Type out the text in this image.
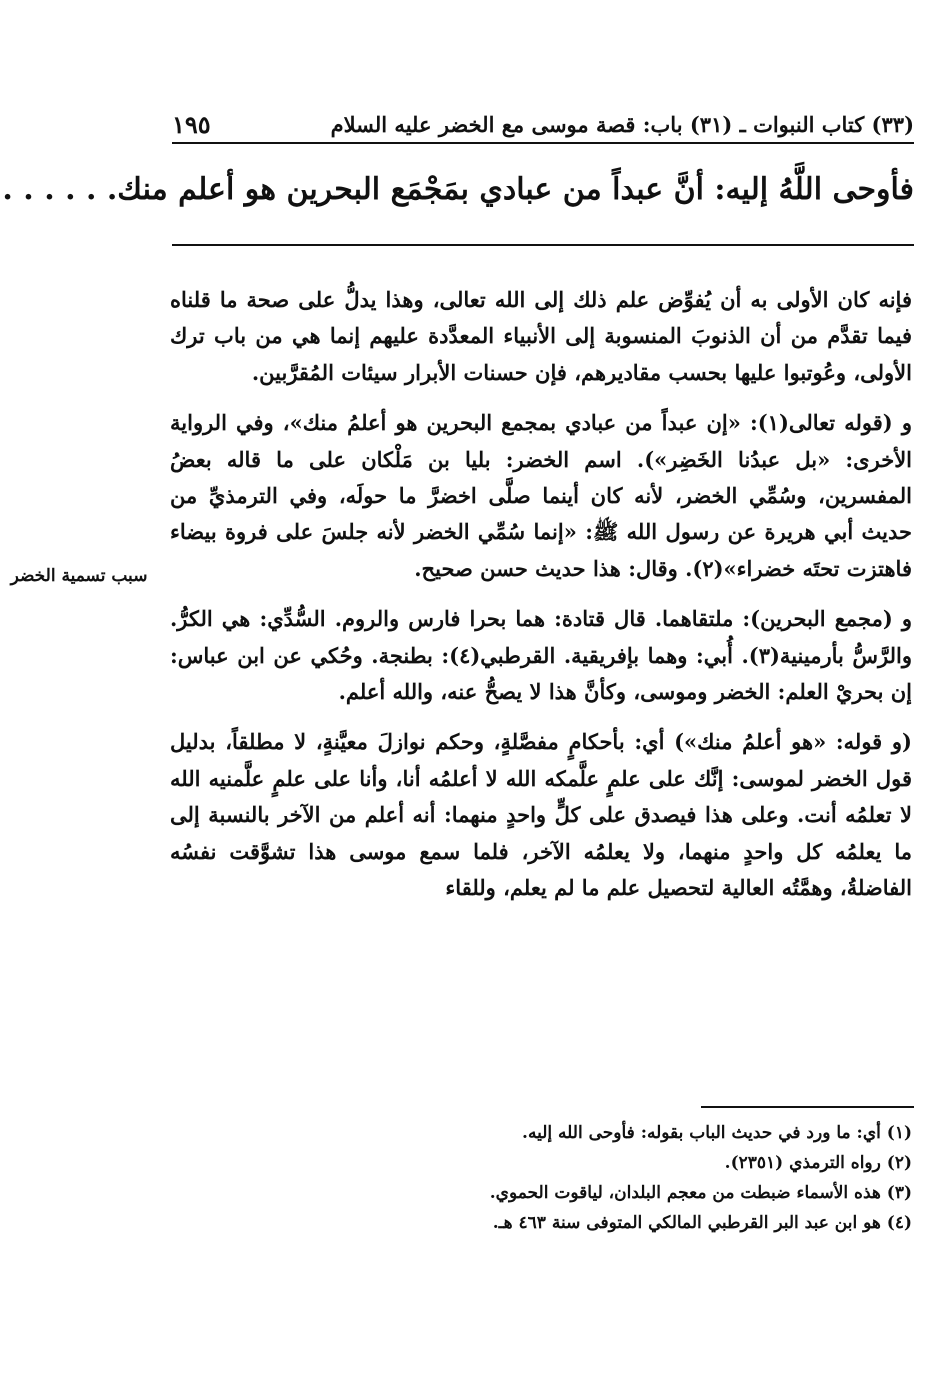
١٩٥	(٣٣) كتاب النبوات ـ (٣١) باب: قصة موسى مع الخضر عليه السلام
فأوحى اللَّهُ إليه: أنَّ عبداً من عبادي بمَجْمَع البحرين هو أعلم منك. . . . . .

فإنه كان الأولى به أن يُفوِّض علم ذلك إلى الله تعالى، وهذا يدلُّ على صحة ما قلناه فيما تقدَّم من أن الذنوبَ المنسوبة إلى الأنبياء المعدَّدة عليهم إنما هي من باب ترك الأولى، وعُوتبوا عليها بحسب مقاديرهم، فإن حسنات الأبرار سيئات المُقرَّبين.

و (قوله تعالى(١): «إن عبداً من عبادي بمجمع البحرين هو أعلمُ منك»، وفي الرواية الأخرى: «بل عبدُنا الخَضِر»). اسم الخضر: بليا بن مَلْكان على ما قاله بعضُ المفسرين، وسُمِّي الخضر، لأنه كان أينما صلَّى اخضرَّ ما حولَه، وفي الترمذيِّ من حديث أبي هريرة عن رسول الله ﷺ: «إنما سُمِّي الخضر لأنه جلسَ على فروة بيضاء فاهتزت تحتَه خضراء»(٢). وقال: هذا حديث حسن صحيح.

و (مجمع البحرين): ملتقاهما. قال قتادة: هما بحرا فارس والروم. السُّدِّي: هي الكرُّ. والرَّسُّ بأرمينية(٣). أُبي: وهما بإفريقية. القرطبي(٤): بطنجة. وحُكي عن ابن عباس: إن بحريْ العلم: الخضر وموسى، وكأنَّ هذا لا يصحُّ عنه، والله أعلم.

(و قوله: «هو أعلمُ منك») أي: بأحكامٍ مفصَّلةٍ، وحكم نوازلَ معيَّنةٍ، لا مطلقاً، بدليل قول الخضر لموسى: إنَّك على علمٍ علَّمكه الله لا أعلمُه أنا، وأنا على علمٍ علَّمنيه الله لا تعلمُه أنت. وعلى هذا فيصدق على كلٍّ واحدٍ منهما: أنه أعلم من الآخر بالنسبة إلى ما يعلمُه كل واحدٍ منهما، ولا يعلمُه الآخر، فلما سمع موسى هذا تشوَّقت نفسُه الفاضلةُ، وهمَّتُه العالية لتحصيل علم ما لم يعلم، وللقاء

سبب تسمية الخضر
(١) أي: ما ورد في حديث الباب بقوله: فأوحى الله إليه.
(٢) رواه الترمذي (٢٣٥١).
(٣) هذه الأسماء ضبطت من معجم البلدان، لياقوت الحموي.
(٤) هو ابن عبد البر القرطبي المالكي المتوفى سنة ٤٦٣ هـ.
